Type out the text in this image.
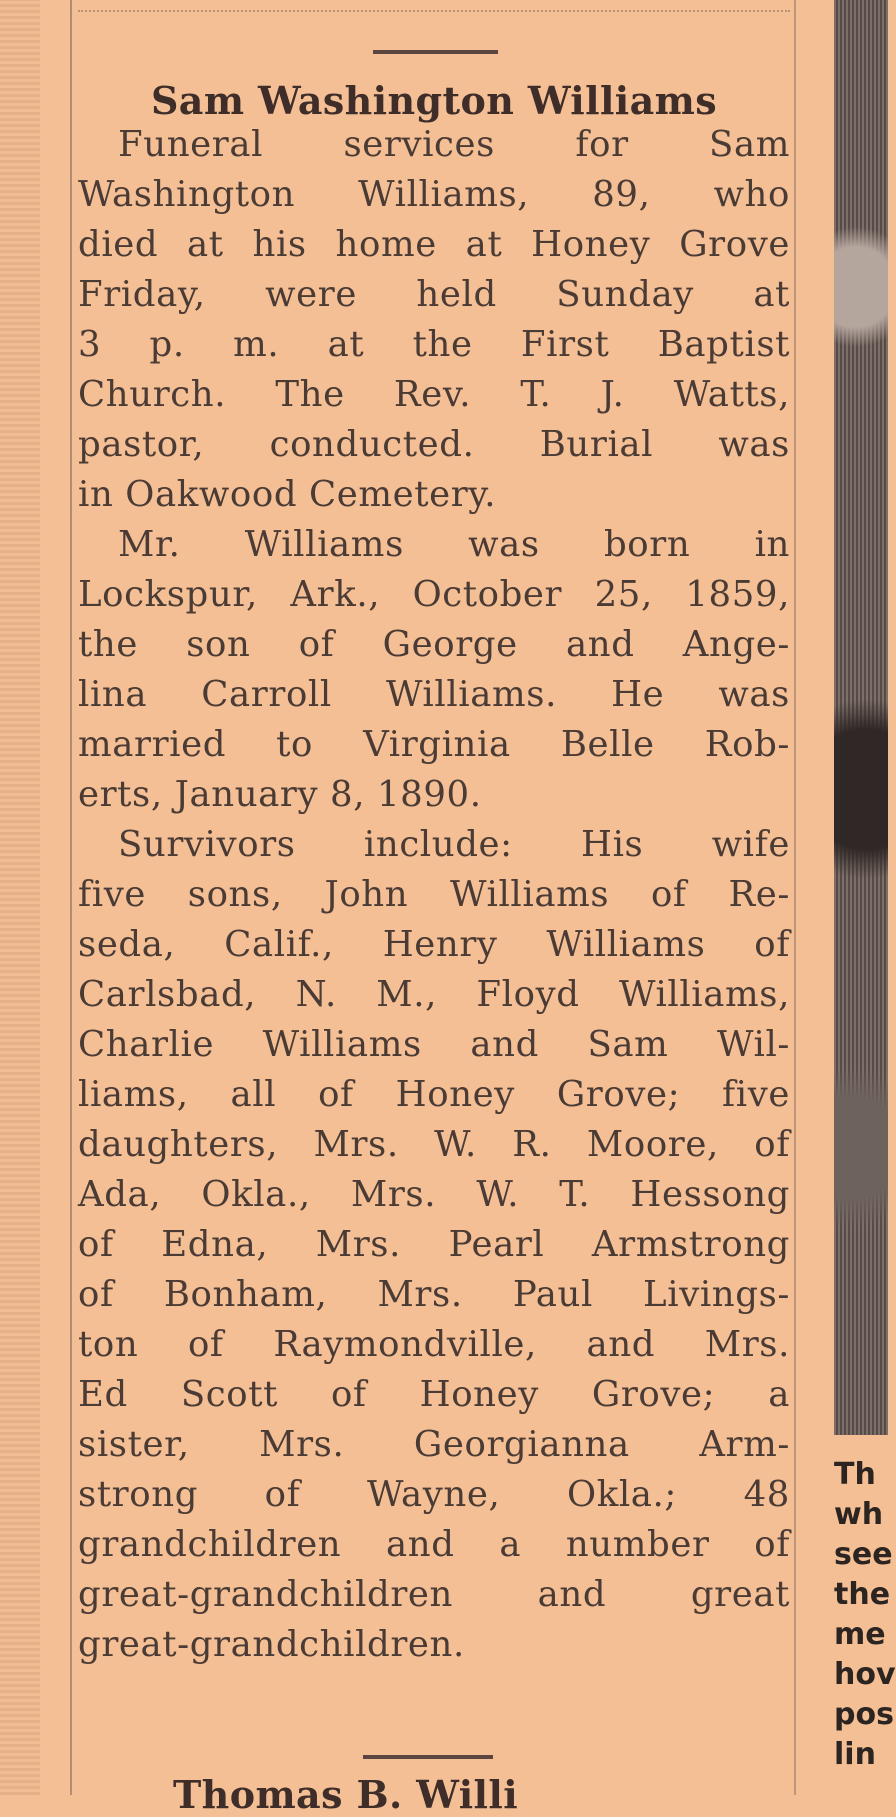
Sam Washington Williams
Funeral services for Sam
Washington Williams, 89, who
died at his home at Honey Grove
Friday, were held Sunday at
3 p. m. at the First Baptist
Church. The Rev. T. J. Watts,
pastor, conducted. Burial was
in Oakwood Cemetery.
Mr. Williams was born in
Lockspur, Ark., October 25, 1859,
the son of George and Ange-
lina Carroll Williams. He was
married to Virginia Belle Rob-
erts, January 8, 1890.
Survivors include: His wife
five sons, John Williams of Re-
seda, Calif., Henry Williams of
Carlsbad, N. M., Floyd Williams,
Charlie Williams and Sam Wil-
liams, all of Honey Grove; five
daughters, Mrs. W. R. Moore, of
Ada, Okla., Mrs. W. T. Hessong
of Edna, Mrs. Pearl Armstrong
of Bonham, Mrs. Paul Livings-
ton of Raymondville, and Mrs.
Ed Scott of Honey Grove; a
sister, Mrs. Georgianna Arm-
strong of Wayne, Okla.; 48
grandchildren and a number of
great-grandchildren and great
great-grandchildren.
Thomas B. Willi
Th
wh
see
the
me
hov
pos
lin
